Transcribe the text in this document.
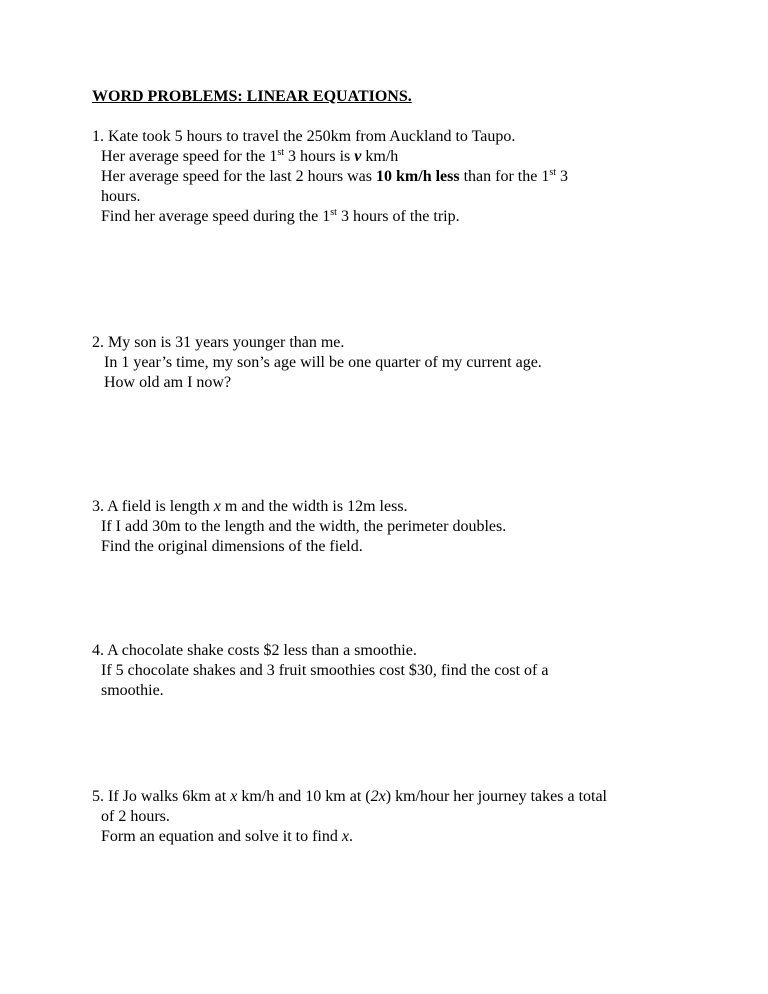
WORD PROBLEMS: LINEAR EQUATIONS.
1. Kate took 5 hours to travel the 250km from Auckland to Taupo.
Her average speed for the 1st 3 hours is v km/h
Her average speed for the last 2 hours was 10 km/h less than for the 1st 3
hours.
Find her average speed during the 1st 3 hours of the trip.
2. My son is 31 years younger than me.
In 1 year’s time, my son’s age will be one quarter of my current age.
How old am I now?
3. A field is length x m and the width is 12m less.
If I add 30m to the length and the width, the perimeter doubles.
Find the original dimensions of the field.
4. A chocolate shake costs $2 less than a smoothie.
If 5 chocolate shakes and 3 fruit smoothies cost $30, find the cost of a
smoothie.
5. If Jo walks 6km at x km/h and 10 km at (2x) km/hour her journey takes a total
of 2 hours.
Form an equation and solve it to find x.
